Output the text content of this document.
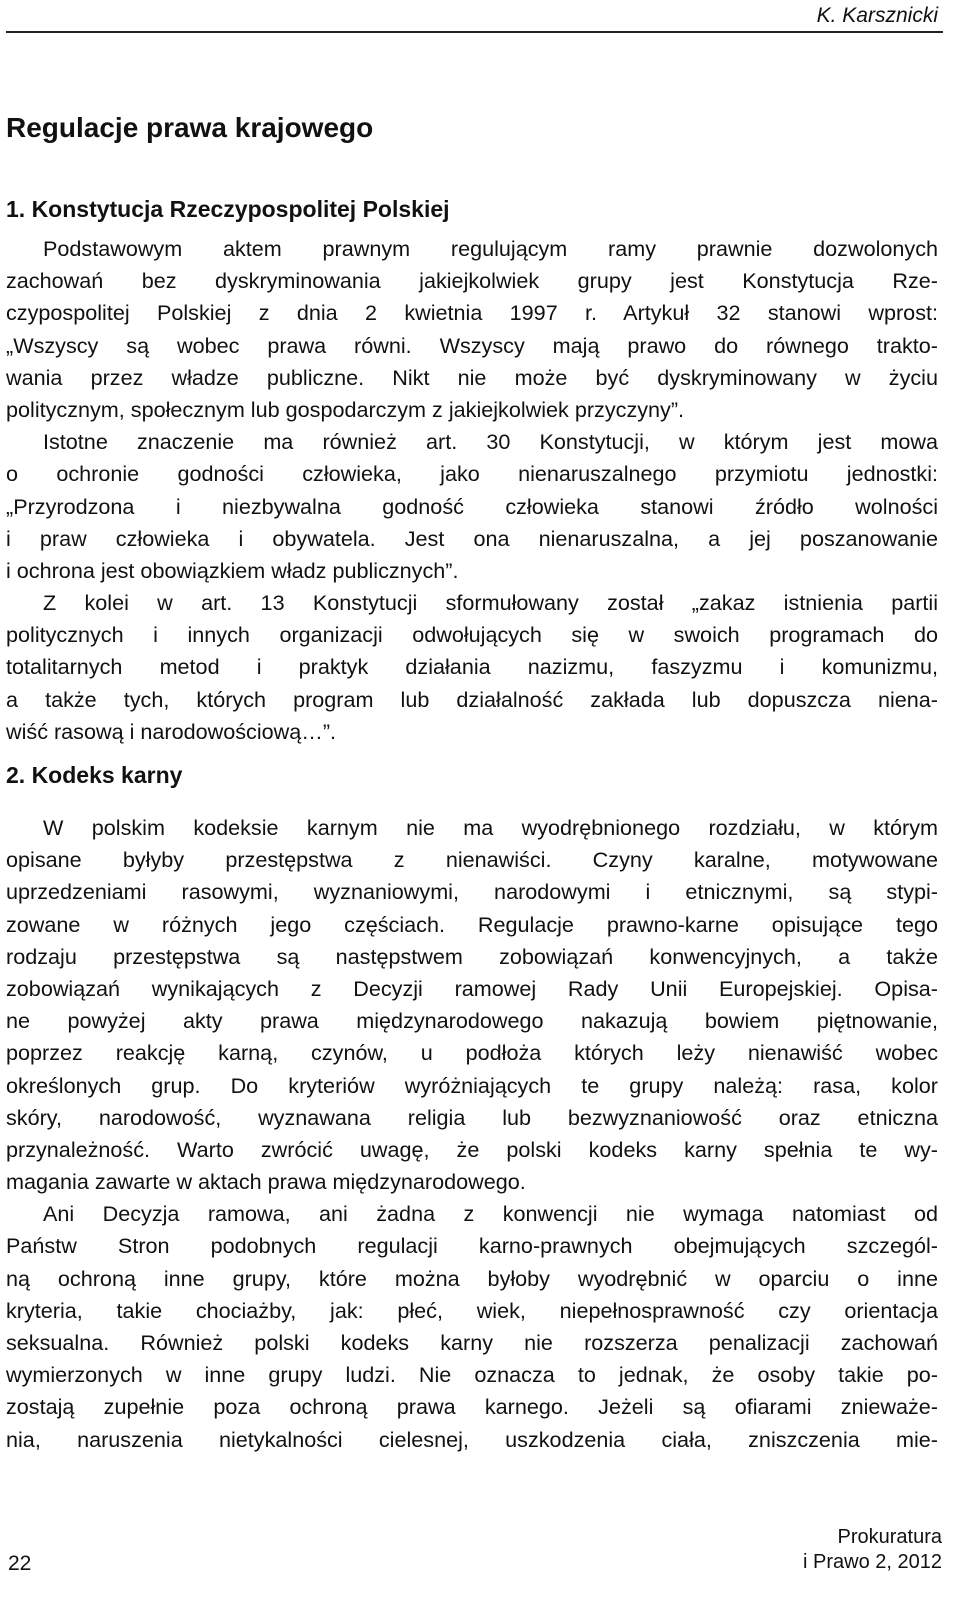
K. Karsznicki
Regulacje prawa krajowego
1. Konstytucja Rzeczypospolitej Polskiej
Podstawowym aktem prawnym regulującym ramy prawnie dozwolonych
zachowań bez dyskryminowania jakiejkolwiek grupy jest Konstytucja Rze-
czypospolitej Polskiej z dnia 2 kwietnia 1997 r. Artykuł 32 stanowi wprost:
„Wszyscy są wobec prawa równi. Wszyscy mają prawo do równego trakto-
wania przez władze publiczne. Nikt nie może być dyskryminowany w życiu
politycznym, społecznym lub gospodarczym z jakiejkolwiek przyczyny”.
Istotne znaczenie ma również art. 30 Konstytucji, w którym jest mowa
o ochronie godności człowieka, jako nienaruszalnego przymiotu jednostki:
„Przyrodzona i niezbywalna godność człowieka stanowi źródło wolności
i praw człowieka i obywatela. Jest ona nienaruszalna, a jej poszanowanie
i ochrona jest obowiązkiem władz publicznych”.
Z kolei w art. 13 Konstytucji sformułowany został „zakaz istnienia partii
politycznych i innych organizacji odwołujących się w swoich programach do
totalitarnych metod i praktyk działania nazizmu, faszyzmu i komunizmu,
a także tych, których program lub działalność zakłada lub dopuszcza niena-
wiść rasową i narodowościową…”.
2. Kodeks karny
W polskim kodeksie karnym nie ma wyodrębnionego rozdziału, w którym
opisane byłyby przestępstwa z nienawiści. Czyny karalne, motywowane
uprzedzeniami rasowymi, wyznaniowymi, narodowymi i etnicznymi, są stypi-
zowane w różnych jego częściach. Regulacje prawno-karne opisujące tego
rodzaju przestępstwa są następstwem zobowiązań konwencyjnych, a także
zobowiązań wynikających z Decyzji ramowej Rady Unii Europejskiej. Opisa-
ne powyżej akty prawa międzynarodowego nakazują bowiem piętnowanie,
poprzez reakcję karną, czynów, u podłoża których leży nienawiść wobec
określonych grup. Do kryteriów wyróżniających te grupy należą: rasa, kolor
skóry, narodowość, wyznawana religia lub bezwyznaniowość oraz etniczna
przynależność. Warto zwrócić uwagę, że polski kodeks karny spełnia te wy-
magania zawarte w aktach prawa międzynarodowego.
Ani Decyzja ramowa, ani żadna z konwencji nie wymaga natomiast od
Państw Stron podobnych regulacji karno-prawnych obejmujących szczegól-
ną ochroną inne grupy, które można byłoby wyodrębnić w oparciu o inne
kryteria, takie chociażby, jak: płeć, wiek, niepełnosprawność czy orientacja
seksualna. Również polski kodeks karny nie rozszerza penalizacji zachowań
wymierzonych w inne grupy ludzi. Nie oznacza to jednak, że osoby takie po-
zostają zupełnie poza ochroną prawa karnego. Jeżeli są ofiarami znieważe-
nia, naruszenia nietykalności cielesnej, uszkodzenia ciała, zniszczenia mie-
22
Prokuratura
i Prawo 2, 2012
